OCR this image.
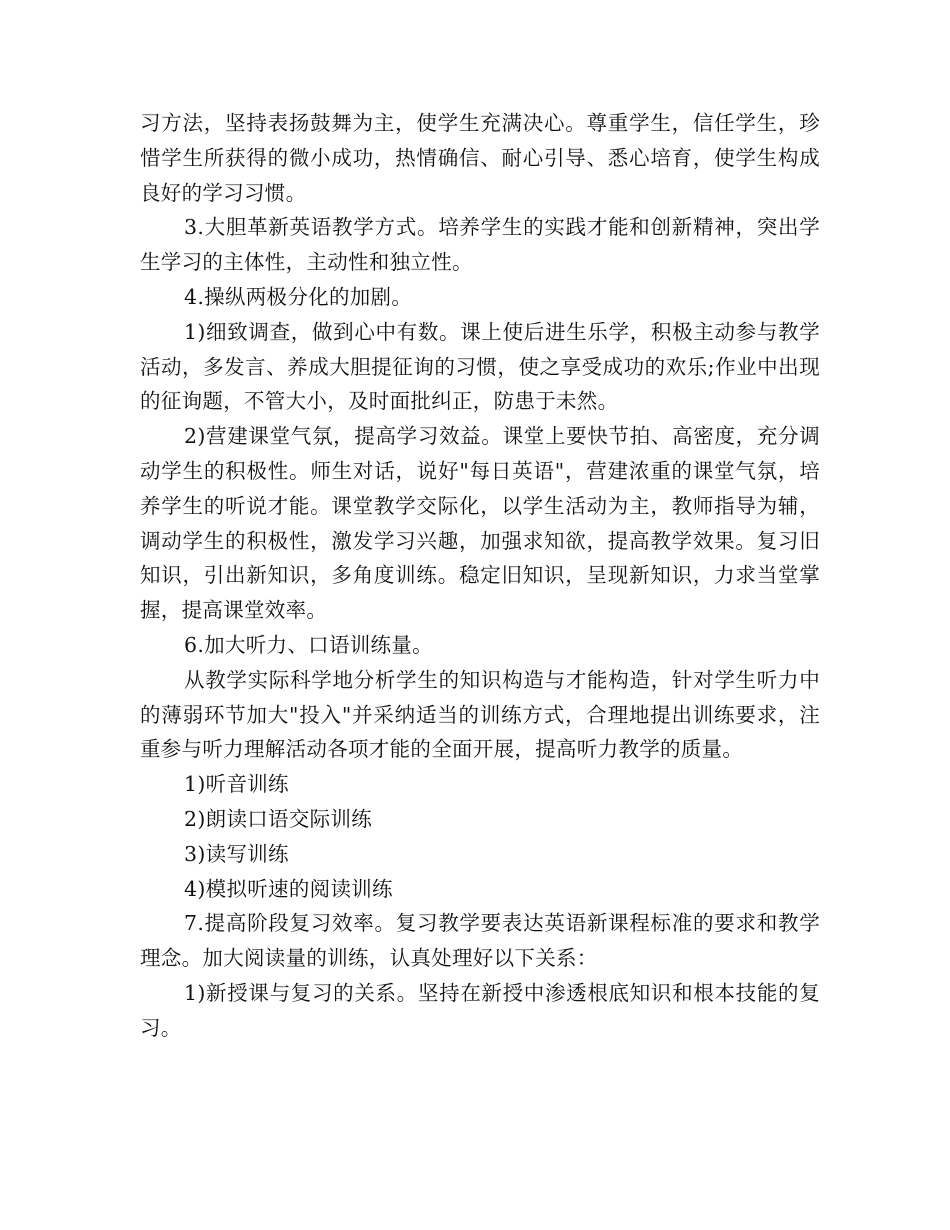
习方法，坚持表扬鼓舞为主，使学生充满决心。尊重学生，信任学生，珍惜学生所获得的微小成功，热情确信、耐心引导、悉心培育，使学生构成良好的学习习惯。

3.大胆革新英语教学方式。培养学生的实践才能和创新精神，突出学生学习的主体性，主动性和独立性。

4.操纵两极分化的加剧。

1)细致调查，做到心中有数。课上使后进生乐学，积极主动参与教学活动，多发言、养成大胆提征询的习惯，使之享受成功的欢乐;作业中出现的征询题，不管大小，及时面批纠正，防患于未然。

2)营建课堂气氛，提高学习效益。课堂上要快节拍、高密度，充分调动学生的积极性。师生对话，说好"每日英语"，营建浓重的课堂气氛，培养学生的听说才能。课堂教学交际化，以学生活动为主，教师指导为辅，调动学生的积极性，激发学习兴趣，加强求知欲，提高教学效果。复习旧知识，引出新知识，多角度训练。稳定旧知识，呈现新知识，力求当堂掌握，提高课堂效率。

6.加大听力、口语训练量。

从教学实际科学地分析学生的知识构造与才能构造，针对学生听力中的薄弱环节加大"投入"并采纳适当的训练方式，合理地提出训练要求，注重参与听力理解活动各项才能的全面开展，提高听力教学的质量。

1)听音训练

2)朗读口语交际训练

3)读写训练

4)模拟听速的阅读训练

7.提高阶段复习效率。复习教学要表达英语新课程标准的要求和教学理念。加大阅读量的训练，认真处理好以下关系：

1)新授课与复习的关系。坚持在新授中渗透根底知识和根本技能的复习。
